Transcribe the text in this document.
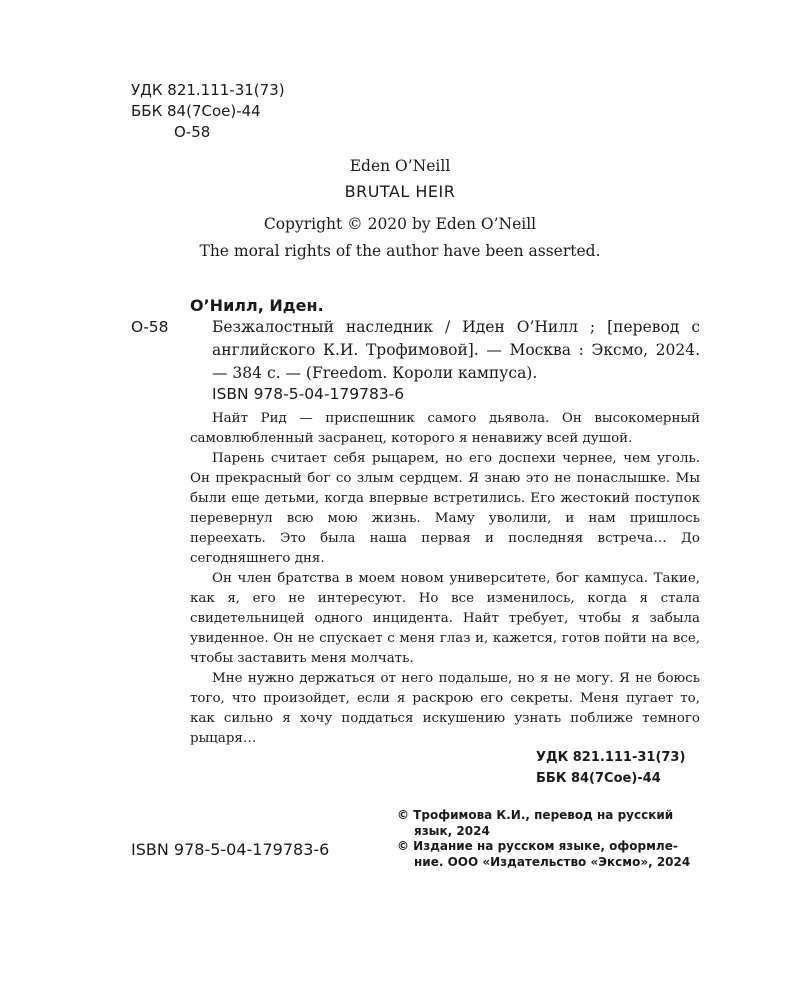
УДК 821.111-31(73)
ББК 84(7Сое)-44
О-58
Eden O’Neill
BRUTAL HEIR
Copyright © 2020 by Eden O’Neill
The moral rights of the author have been asserted.
О’Нилл, Иден.
О-58	Безжалостный наследник / Иден О’Нилл ; [перевод с английского К.И. Трофимовой]. — Москва : Эксмо, 2024. — 384 с. — (Freedom. Короли кампуса).
ISBN 978-5-04-179783-6

Найт Рид — приспешник самого дьявола. Он высокомерный самовлюбленный засранец, которого я ненавижу всей душой.

Парень считает себя рыцарем, но его доспехи чернее, чем уголь. Он прекрасный бог со злым сердцем. Я знаю это не понаслышке. Мы были еще детьми, когда впервые встретились. Его жестокий поступок перевернул всю мою жизнь. Маму уволили, и нам пришлось переехать. Это была наша первая и последняя встреча… До сегодняшнего дня.

Он член братства в моем новом университете, бог кампуса. Такие, как я, его не интересуют. Но все изменилось, когда я стала свидетельницей одного инцидента. Найт требует, чтобы я забыла увиденное. Он не спускает с меня глаз и, кажется, готов пойти на все, чтобы заставить меня молчать.

Мне нужно держаться от него подальше, но я не могу. Я не боюсь того, что произойдет, если я раскрою его секреты. Меня пугает то, как сильно я хочу поддаться искушению узнать поближе темного рыцаря…

УДК 821.111-31(73)
ББК 84(7Сое)-44
ISBN 978-5-04-179783-6
© Трофимова К.И., перевод на русский
язык, 2024
© Издание на русском языке, оформле-
ние. ООО «Издательство «Эксмо», 2024
